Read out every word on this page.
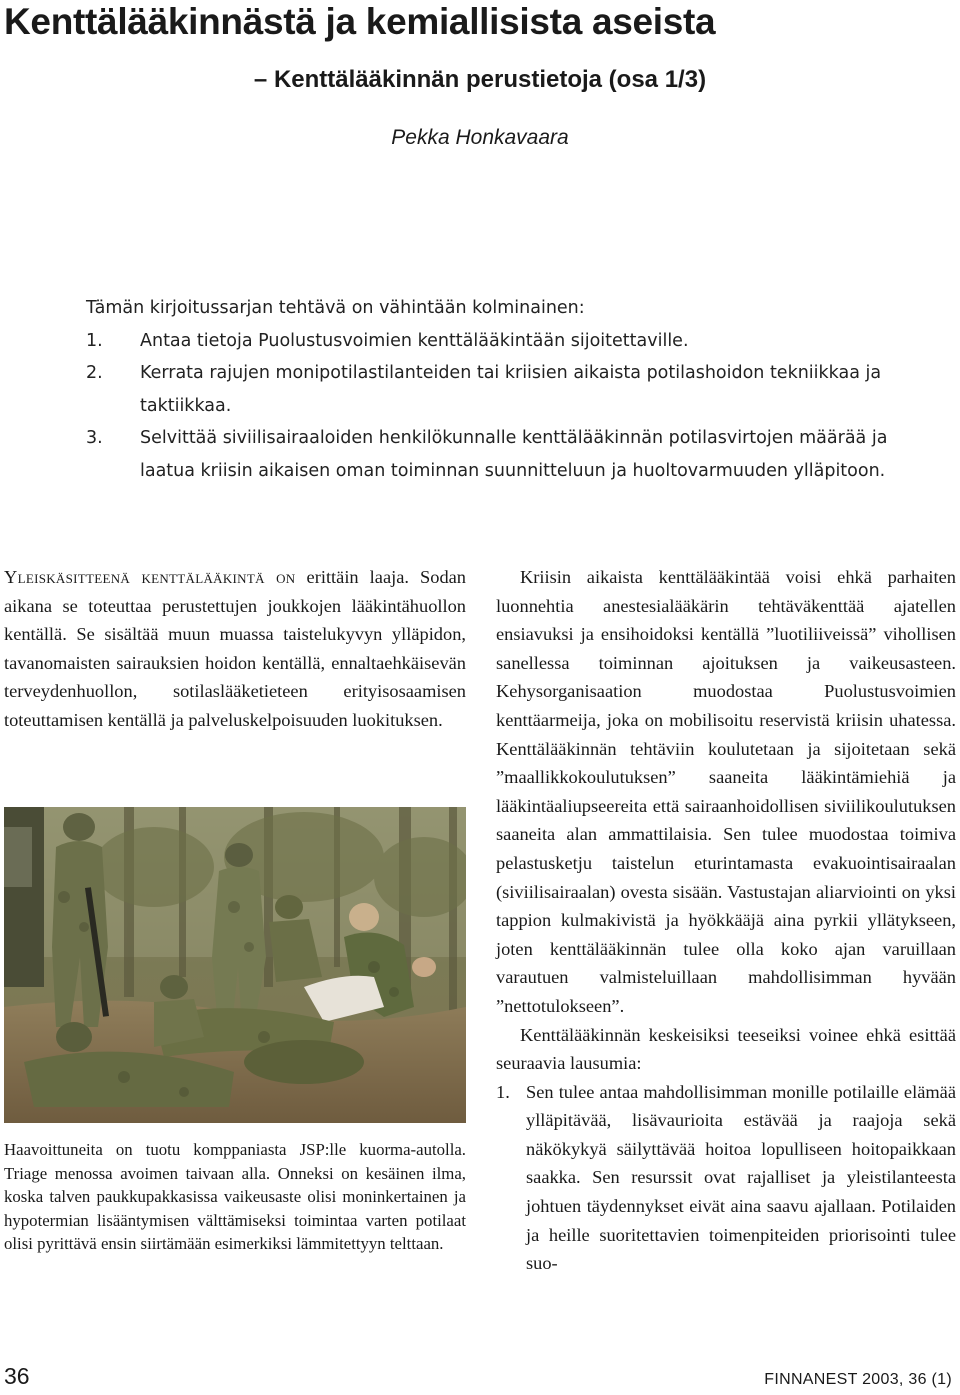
Kenttälääkinnästä ja kemiallisista aseista
– Kenttälääkinnän perustietoja (osa 1/3)
Pekka Honkavaara
Tämän kirjoitussarjan tehtävä on vähintään kolminainen:
1. Antaa tietoja Puolustusvoimien kenttälääkintään sijoitettaville.
2. Kerrata rajujen monipotilastilanteiden tai kriisien aikaista potilashoidon tekniikkaa ja taktiikkaa.
3. Selvittää siviilisairaaloiden henkilökunnalle kenttälääkinnän potilasvirtojen määrää ja laatua kriisin aikaisen oman toiminnan suunnitteluun ja huoltovarmuuden ylläpitoon.

Yleiskäsitteenä kenttälääkintä on erittäin laaja. Sodan aikana se toteuttaa perustettujen joukkojen lääkintähuollon kentällä. Se sisältää muun muassa taistelukyvyn ylläpidon, tavanomaisten sairauksien hoidon kentällä, ennaltaehkäisevän terveydenhuollon, sotilaslääketieteen erityisosaamisen toteuttamisen kentällä ja palveluskelpoisuuden luokituksen.

Haavoittuneita on tuotu komppaniasta JSP:lle kuorma-autolla. Triage menossa avoimen taivaan alla. Onneksi on kesäinen ilma, koska talven paukkupakkasissa vaikeusaste olisi moninkertainen ja hypotermian lisääntymisen välttämiseksi toimintaa varten potilaat olisi pyrittävä ensin siirtämään esimerkiksi lämmitettyyn telttaan.

Kriisin aikaista kenttälääkintää voisi ehkä parhaiten luonnehtia anestesialääkärin tehtäväkenttää ajatellen ensiavuksi ja ensihoidoksi kentällä ”luotiliiveissä” vihollisen sanellessa toiminnan ajoituksen ja vaikeusasteen. Kehysorganisaation muodostaa Puolustusvoimien kenttäarmeija, joka on mobilisoitu reservistä kriisin uhatessa. Kenttälääkinnän tehtäviin koulutetaan ja sijoitetaan sekä ”maallikkokoulutuksen” saaneita lääkintämiehiä ja lääkintäaliupseereita että sairaanhoidollisen siviilikoulutuksen saaneita alan ammattilaisia. Sen tulee muodostaa toimiva pelastusketju taistelun eturintamasta evakuointisairaalan (siviilisairaalan) ovesta sisään. Vastustajan aliarviointi on yksi tappion kulmakivistä ja hyökkääjä aina pyrkii yllätykseen, joten kenttälääkinnän tulee olla koko ajan varuillaan varautuen valmisteluillaan mahdollisimman hyvään ”nettotulokseen”.

Kenttälääkinnän keskeisiksi teeseiksi voinee ehkä esittää seuraavia lausumia:

1. Sen tulee antaa mahdollisimman monille potilaille elämää ylläpitävää, lisävaurioita estävää ja raajoja sekä näkökykyä säilyttävää hoitoa lopulliseen hoitopaikkaan saakka. Sen resurssit ovat rajalliset ja yleistilanteesta johtuen täydennykset eivät aina saavu ajallaan. Potilaiden ja heille suoritettavien toimenpiteiden priorisointi tulee suo-
36	FINNANEST 2003, 36 (1)
